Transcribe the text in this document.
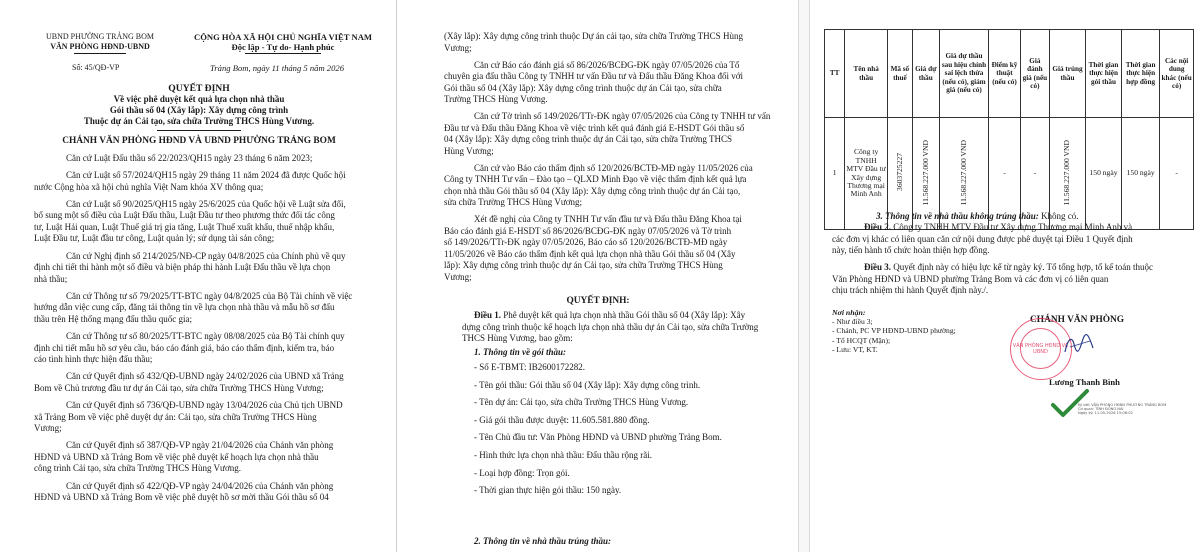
UBND PHƯỜNG TRẢNG BOM
VĂN PHÒNG HĐND-UBND
Số: 45/QĐ-VP
CỘNG HÒA XÃ HỘI CHỦ NGHĨA VIỆT NAM
Độc lập - Tự do- Hạnh phúc
Trảng Bom, ngày 11 tháng 5 năm 2026
QUYẾT ĐỊNH
Về việc phê duyệt kết quả lựa chọn nhà thầu
Gói thầu số 04 (Xây lắp): Xây dựng công trình
Thuộc dự án Cải tạo, sửa chữa Trường THCS Hùng Vương.
CHÁNH VĂN PHÒNG HĐND VÀ UBND PHƯỜNG TRẢNG BOM
Căn cứ Luật Đấu thầu số 22/2023/QH15 ngày 23 tháng 6 năm 2023;
Căn cứ Luật số 57/2024/QH15 ngày 29 tháng 11 năm 2024 đã được Quốc hội
nước Cộng hòa xã hội chủ nghĩa Việt Nam khóa XV thông qua;
Căn cứ Luật số 90/2025/QH15 ngày 25/6/2025 của Quốc hội về Luật sửa đổi,
bổ sung một số điều của Luật Đấu thầu, Luật Đầu tư theo phương thức đối tác công
tư, Luật Hải quan, Luật Thuế giá trị gia tăng, Luật Thuế xuất khẩu, thuế nhập khẩu,
Luật Đầu tư, Luật đầu tư công, Luật quản lý; sử dụng tài sản công;
Căn cứ Nghị định số 214/2025/NĐ-CP ngày 04/8/2025 của Chính phủ về quy
định chi tiết thi hành một số điều và biện pháp thi hành Luật Đấu thầu về lựa chọn
nhà thầu;
Căn cứ Thông tư số 79/2025/TT-BTC ngày 04/8/2025 của Bộ Tài chính về việc
hướng dẫn việc cung cấp, đăng tải thông tin về lựa chọn nhà thầu và mẫu hồ sơ đấu
thầu trên Hệ thống mạng đấu thầu quốc gia;
Căn cứ Thông tư số 80/2025/TT-BTC ngày 08/08/2025 của Bộ Tài chính quy
định chi tiết mẫu hồ sơ yêu cầu, báo cáo đánh giá, báo cáo thẩm định, kiểm tra, báo
cáo tình hình thực hiện đấu thầu;
Căn cứ Quyết định số 432/QĐ-UBND ngày 24/02/2026 của UBND xã Trảng
Bom về Chủ trương đầu tư dự án Cải tạo, sửa chữa Trường THCS Hùng Vương;
Căn cứ Quyết định số 736/QĐ-UBND ngày 13/04/2026 của Chủ tịch UBND
xã Trảng Bom về việc phê duyệt dự án: Cải tạo, sửa chữa Trường THCS Hùng
Vương;
Căn cứ Quyết định số 387/QĐ-VP ngày 21/04/2026 của Chánh văn phòng
HĐND và UBND xã Trảng Bom về việc phê duyệt kế hoạch lựa chọn nhà thầu
công trình Cải tạo, sửa chữa Trường THCS Hùng Vương.
Căn cứ Quyết định số 422/QĐ-VP ngày 24/04/2026 của Chánh văn phòng
HĐND và UBND xã Trảng Bom về việc phê duyệt hồ sơ mời thầu Gói thầu số 04
(Xây lắp): Xây dựng công trình thuộc Dự án cải tạo, sửa chữa Trường THCS Hùng
Vương;
Căn cứ Báo cáo đánh giá số 86/2026/BCĐG-ĐK ngày 07/05/2026 của Tổ
chuyên gia đấu thầu Công ty TNHH tư vấn Đầu tư và Đấu thầu Đăng Khoa đối với
Gói thầu số 04 (Xây lắp): Xây dựng công trình thuộc dự án Cải tạo, sửa chữa
Trường THCS Hùng Vương.
Căn cứ Tờ trình số 149/2026/TTr-ĐK ngày 07/05/2026 của Công ty TNHH tư vấn
Đầu tư và Đấu thầu Đăng Khoa về việc trình kết quả đánh giá E-HSDT Gói thầu số
04 (Xây lắp): Xây dựng công trình thuộc dự án Cải tạo, sửa chữa Trường THCS
Hùng Vương;
Căn cứ vào Báo cáo thẩm định số 120/2026/BCTĐ-MĐ ngày 11/05/2026 của
Công ty TNHH Tư vấn – Đào tạo – QLXD Minh Đạo về việc thẩm định kết quả lựa
chọn nhà thầu Gói thầu số 04 (Xây lắp): Xây dựng công trình thuộc dự án Cải tạo,
sửa chữa Trường THCS Hùng Vương;
Xét đề nghị của Công ty TNHH Tư vấn đầu tư và Đấu thầu Đăng Khoa tại
Báo cáo đánh giá E-HSDT số 86/2026/BCĐG-ĐK ngày 07/05/2026 và Tờ trình
số 149/2026/TTr-ĐK ngày 07/05/2026, Báo cáo số 120/2026/BCTĐ-MĐ ngày
11/05/2026 về Báo cáo thẩm định kết quả lựa chọn nhà thầu Gói thầu số 04 (Xây
lắp): Xây dựng công trình thuộc dự án Cải tạo, sửa chữa Trường THCS Hùng
Vương;
QUYẾT ĐỊNH:
Điều 1. Phê duyệt kết quả lựa chọn nhà thầu Gói thầu số 04 (Xây lắp): Xây
dựng công trình thuộc kế hoạch lựa chọn nhà thầu dự án Cải tạo, sửa chữa Trường
THCS Hùng Vương, bao gồm:
1. Thông tin về gói thầu:
- Số E-TBMT: IB2600172282.
- Tên gói thầu: Gói thầu số 04 (Xây lắp): Xây dựng công trình.
- Tên dự án: Cải tạo, sửa chữa Trường THCS Hùng Vương.
- Giá gói thầu được duyệt: 11.605.581.880 đồng.
- Tên Chủ đầu tư: Văn Phòng HĐND và UBND phường Trảng Bom.
- Hình thức lựa chọn nhà thầu: Đấu thầu rộng rãi.
- Loại hợp đồng: Trọn gói.
- Thời gian thực hiện gói thầu: 150 ngày.
2. Thông tin về nhà thầu trúng thầu:
TT	Tên nhà thầu	Mã số thuế	Giá dự thầu	Giá dự thầu sau hiệu chỉnh sai lệch thừa (nếu có), giảm giá (nếu có)	Điểm kỹ thuật (nếu có)	Giá đánh giá (nếu có)	Giá trúng thầu	Thời gian thực hiện gói thầu	Thời gian thực hiện hợp đồng	Các nội dung khác (nếu có)
1	Công ty TNHH MTV Đầu tư Xây dựng Thương mại Minh Anh	3603725227	11.568.227.000 VND	11.568.227.000 VND	-	-	11.568.227.000 VND	150 ngày	150 ngày	-
3. Thông tin về nhà thầu không trúng thầu: Không có.
Điều 2. Công ty TNHH MTV Đầu tư Xây dựng Thương mại Minh Anh và
các đơn vị khác có liên quan căn cứ nội dung được phê duyệt tại Điều 1 Quyết định
này, tiến hành tổ chức hoàn thiện hợp đồng.
Điều 3. Quyết định này có hiệu lực kể từ ngày ký. Tổ tổng hợp, tổ kế toán thuộc
Văn Phòng HĐND và UBND phường Trảng Bom và các đơn vị có liên quan
chịu trách nhiệm thi hành Quyết định này./.
Nơi nhận:
- Như điều 3;
- Chánh, PC VP HĐND-UBND phường;
- Tổ HCQT (Mận);
- Lưu: VT, KT.
CHÁNH VĂN PHÒNG
Lương Thanh Bình
VĂN PHÒNG HĐND VÀ UBND
Ký bởi: VĂN PHÒNG HĐND PHƯỜNG TRẢNG BOM
Cơ quan: TỈNH ĐỒNG NAI
Ngày ký: 11-05-2026 15:06:02
